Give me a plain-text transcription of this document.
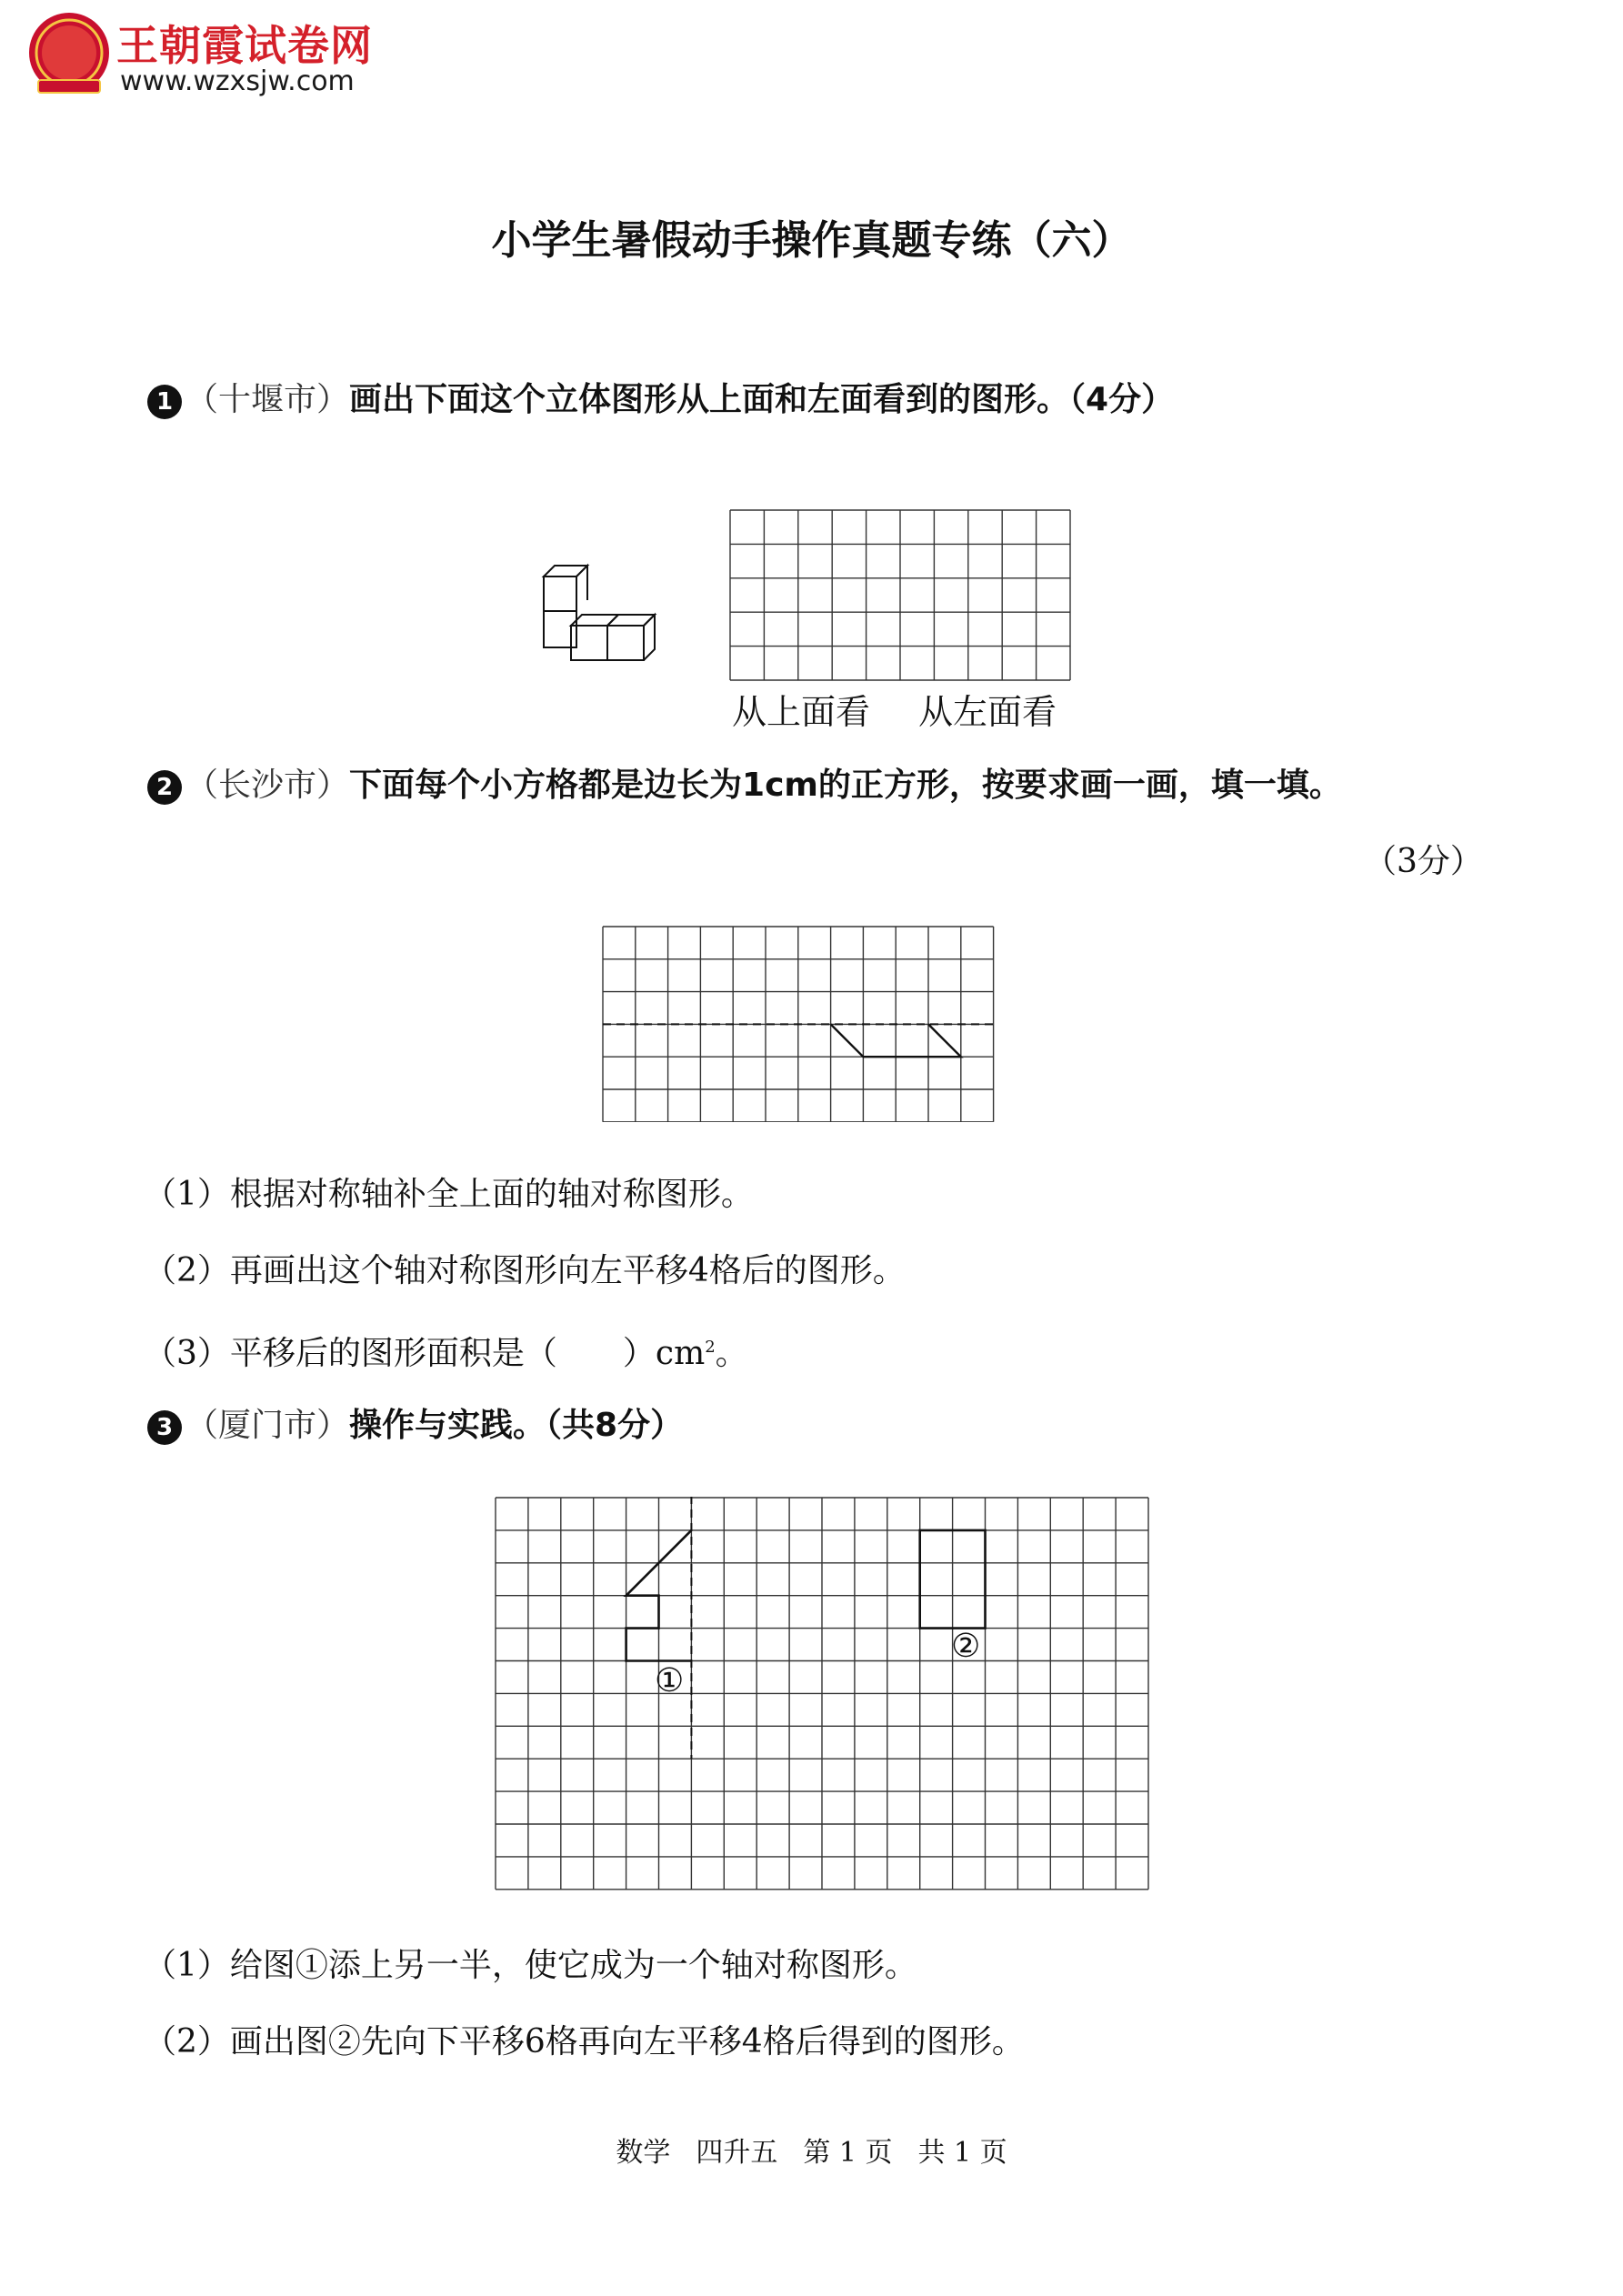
王朝霞试卷网
www.wzxsjw.com
小学生暑假动手操作真题专练（六）
1 （十堰市）画出下面这个立体图形从上面和左面看到的图形。（4分）
从上面看 从左面看
2 （长沙市）下面每个小方格都是边长为1cm的正方形，按要求画一画，填一填。
（3分）
（1）根据对称轴补全上面的轴对称图形。
（2）再画出这个轴对称图形向左平移4格后的图形。
（3）平移后的图形面积是（　　）$cm^2$。
3 （厦门市）操作与实践。（共8分）
①
②
（1）给图①添上另一半，使它成为一个轴对称图形。
（2）画出图②先向下平移6格再向左平移4格后得到的图形。
数学 四升五 第 1 页 共 1 页
